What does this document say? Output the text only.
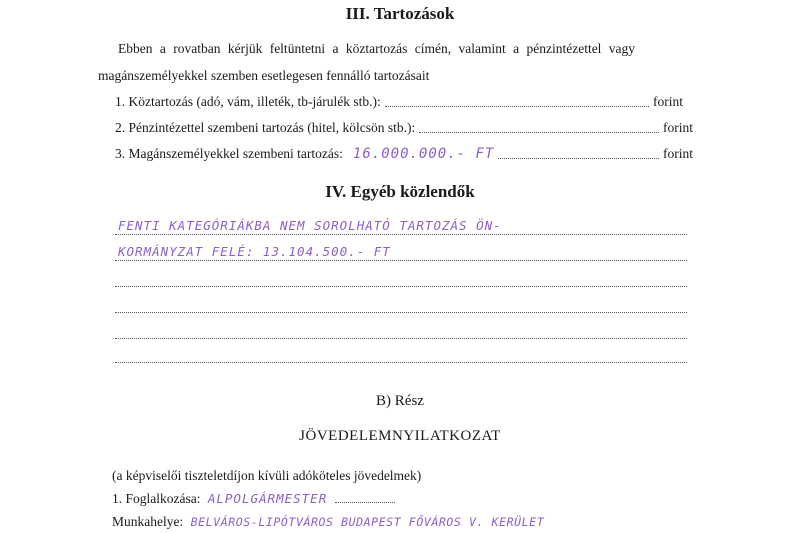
III. Tartozások
Ebben a rovatban kérjük feltüntetni a köztartozás címén, valamint a pénzintézettel vagy
magánszemélyekkel szemben esetlegesen fennálló tartozásait
1. Köztartozás (adó, vám, illeték, tb-járulék stb.):	forint
2. Pénzintézettel szembeni tartozás (hitel, kölcsön stb.):	forint
3. Magánszemélyekkel szembeni tartozás: 16.000.000.- FT	forint
IV. Egyéb közlendők
FENTI KATEGÓRIÁKBA NEM SOROLHATÓ TARTOZÁS ÖN-
KORMÁNYZAT FELÉ: 13.104.500.- FT
B) Rész
JÖVEDELEMNYILATKOZAT
(a képviselői tiszteletdíjon kívüli adóköteles jövedelmek)
1. Foglalkozása: ALPOLGÁRMESTER
Munkahelye: BELVÁROS-LIPÓTVÁROS BUDAPEST FŐVÁROS V. KERÜLET
